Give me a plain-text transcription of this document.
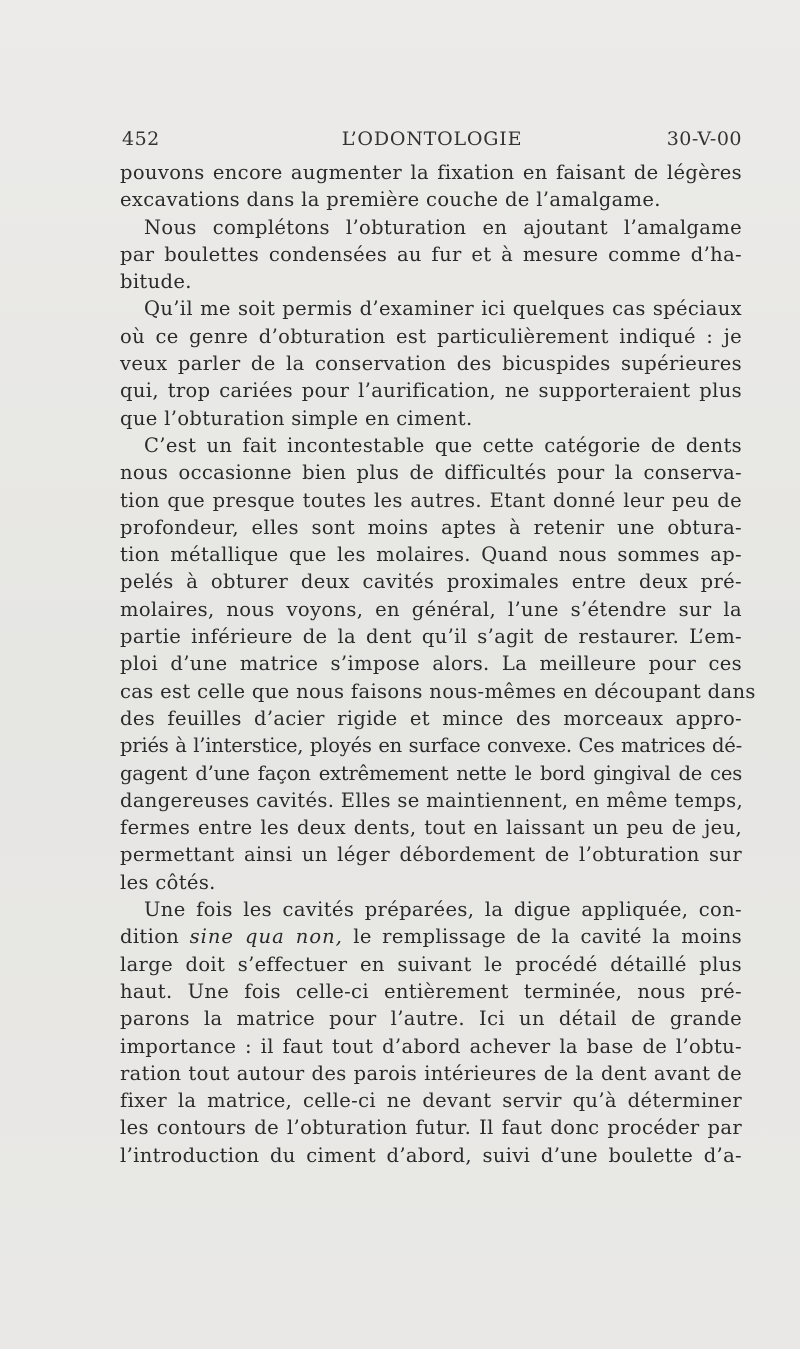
452	L’ODONTOLOGIE	30-V-00
pouvons encore augmenter la fixation en faisant de légères
excavations dans la première couche de l’amalgame.
Nous complétons l’obturation en ajoutant l’amalgame
par boulettes condensées au fur et à mesure comme d’ha-
bitude.
Qu’il me soit permis d’examiner ici quelques cas spéciaux
où ce genre d’obturation est particulièrement indiqué : je
veux parler de la conservation des bicuspides supérieures
qui, trop cariées pour l’aurification, ne supporteraient plus
que l’obturation simple en ciment.
C’est un fait incontestable que cette catégorie de dents
nous occasionne bien plus de difficultés pour la conserva-
tion que presque toutes les autres. Etant donné leur peu de
profondeur, elles sont moins aptes à retenir une obtura-
tion métallique que les molaires. Quand nous sommes ap-
pelés à obturer deux cavités proximales entre deux pré-
molaires, nous voyons, en général, l’une s’étendre sur la
partie inférieure de la dent qu’il s’agit de restaurer. L’em-
ploi d’une matrice s’impose alors. La meilleure pour ces
cas est celle que nous faisons nous-mêmes en découpant dans
des feuilles d’acier rigide et mince des morceaux appro-
priés à l’interstice, ployés en surface convexe. Ces matrices dé-
gagent d’une façon extrêmement nette le bord gingival de ces
dangereuses cavités. Elles se maintiennent, en même temps,
fermes entre les deux dents, tout en laissant un peu de jeu,
permettant ainsi un léger débordement de l’obturation sur
les côtés.
Une fois les cavités préparées, la digue appliquée, con-
dition sine qua non, le remplissage de la cavité la moins
large doit s’effectuer en suivant le procédé détaillé plus
haut. Une fois celle-ci entièrement terminée, nous pré-
parons la matrice pour l’autre. Ici un détail de grande
importance : il faut tout d’abord achever la base de l’obtu-
ration tout autour des parois intérieures de la dent avant de
fixer la matrice, celle-ci ne devant servir qu’à déterminer
les contours de l’obturation futur. Il faut donc procéder par
l’introduction du ciment d’abord, suivi d’une boulette d’a-
